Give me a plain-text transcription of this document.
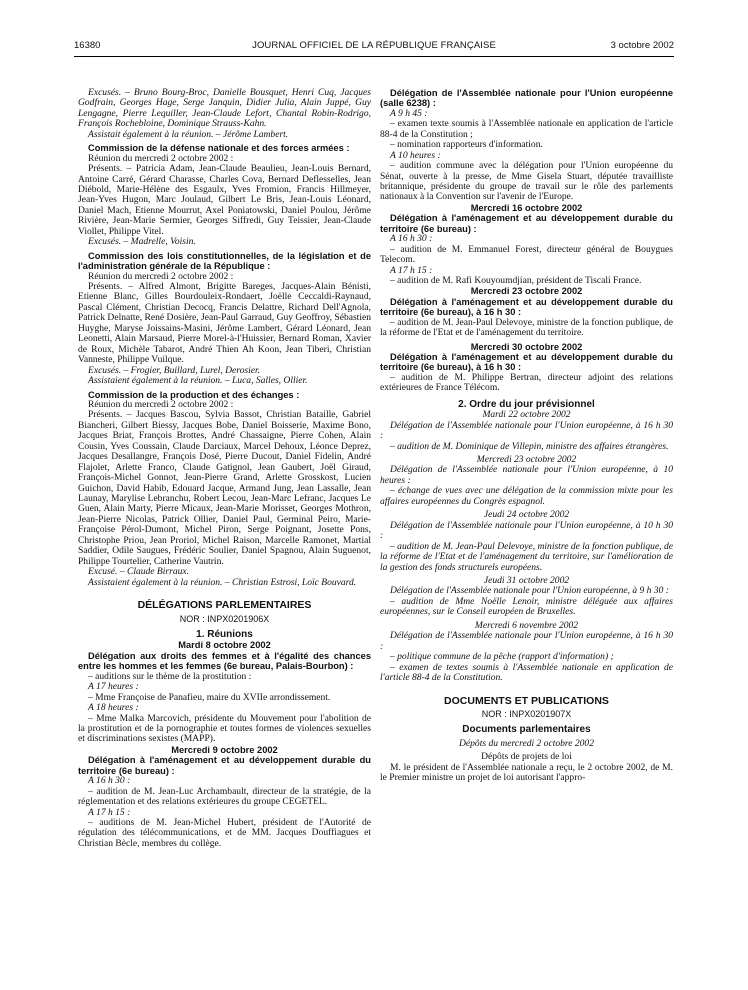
16380	JOURNAL OFFICIEL DE LA RÉPUBLIQUE FRANÇAISE	3 octobre 2002

Excusés. – Bruno Bourg-Broc, Danielle Bousquet, Henri Cuq, Jacques Godfrain, Georges Hage, Serge Janquin, Didier Julia, Alain Juppé, Guy Lengagne, Pierre Lequiller, Jean-Claude Lefort, Chantal Robin-Rodrigo, François Rochebloine, Dominique Strauss-Kahn.

Assistait également à la réunion. – Jérôme Lambert.

Commission de la défense nationale et des forces armées :

Réunion du mercredi 2 octobre 2002 :

Présents. – Patricia Adam, Jean-Claude Beaulieu, Jean-Louis Bernard, Antoine Carré, Gérard Charasse, Charles Cova, Bernard Deflesselles, Jean Diébold, Marie-Hélène des Esgaulx, Yves Fromion, Francis Hillmeyer, Jean-Yves Hugon, Marc Joulaud, Gilbert Le Bris, Jean-Louis Léonard, Daniel Mach, Etienne Mourrut, Axel Poniatowski, Daniel Poulou, Jérôme Rivière, Jean-Marie Sermier, Georges Siffredi, Guy Teissier, Jean-Claude Viollet, Philippe Vitel.

Excusés. – Madrelle, Voisin.

Commission des lois constitutionnelles, de la législation et de l'administration générale de la République :

Réunion du mercredi 2 octobre 2002 :

Présents. – Alfred Almont, Brigitte Bareges, Jacques-Alain Bénisti, Etienne Blanc, Gilles Bourdouleix-Rondaert, Joëlle Ceccaldi-Raynaud, Pascal Clément, Christian Decocq, Francis Delattre, Richard Dell'Agnola, Patrick Delnatte, René Dosière, Jean-Paul Garraud, Guy Geoffroy, Sébastien Huyghe, Maryse Joissains-Masini, Jérôme Lambert, Gérard Léonard, Jean Leonetti, Alain Marsaud, Pierre Morel-à-l'Huissier, Bernard Roman, Xavier de Roux, Michèle Tabarot, André Thien Ah Koon, Jean Tiberi, Christian Vanneste, Philippe Vuilque.

Excusés. – Frogier, Buillard, Lurel, Derosier.

Assistaient également à la réunion. – Luca, Salles, Ollier.

Commission de la production et des échanges :

Réunion du mercredi 2 octobre 2002 :

Présents. – Jacques Bascou, Sylvia Bassot, Christian Bataille, Gabriel Biancheri, Gilbert Biessy, Jacques Bobe, Daniel Boisserie, Maxime Bono, Jacques Briat, François Brottes, André Chassaigne, Pierre Cohen, Alain Cousin, Yves Coussain, Claude Darciaux, Marcel Dehoux, Léonce Deprez, Jacques Desallangre, François Dosé, Pierre Ducout, Daniel Fidelin, André Flajolet, Arlette Franco, Claude Gatignol, Jean Gaubert, Joël Giraud, François-Michel Gonnot, Jean-Pierre Grand, Arlette Grosskost, Lucien Guichon, David Habib, Edouard Jacque, Armand Jung, Jean Lassalle, Jean Launay, Marylise Lebranchu, Robert Lecou, Jean-Marc Lefranc, Jacques Le Guen, Alain Marty, Pierre Micaux, Jean-Marie Morisset, Georges Mothron, Jean-Pierre Nicolas, Patrick Ollier, Daniel Paul, Germinal Peiro, Marie-Françoise Pérol-Dumont, Michel Piron, Serge Poignant, Josette Pons, Christophe Priou, Jean Proriol, Michel Raison, Marcelle Ramonet, Martial Saddier, Odile Saugues, Frédéric Soulier, Daniel Spagnou, Alain Suguenot, Philippe Tourtelier, Catherine Vautrin.

Excusé. – Claude Birraux.

Assistaient également à la réunion. – Christian Estrosi, Loïc Bouvard.

DÉLÉGATIONS PARLEMENTAIRES

NOR : INPX0201906X

1. Réunions

Mardi 8 octobre 2002

Délégation aux droits des femmes et à l'égalité des chances entre les hommes et les femmes (6e bureau, Palais-Bourbon) :

– auditions sur le thème de la prostitution :

A 17 heures :

– Mme Françoise de Panafieu, maire du XVIIe arrondissement.

A 18 heures :

– Mme Malka Marcovich, présidente du Mouvement pour l'abolition de la prostitution et de la pornographie et toutes formes de violences sexuelles et discriminations sexistes (MAPP).

Mercredi 9 octobre 2002

Délégation à l'aménagement et au développement durable du territoire (6e bureau) :

A 16 h 30 :

– audition de M. Jean-Luc Archambault, directeur de la stratégie, de la réglementation et des relations extérieures du groupe CEGETEL.

A 17 h 15 :

– auditions de M. Jean-Michel Hubert, président de l'Autorité de régulation des télécommunications, et de MM. Jacques Douffiagues et Christian Bècle, membres du collège.

Délégation de l'Assemblée nationale pour l'Union européenne (salle 6238) :

A 9 h 45 :

– examen texte soumis à l'Assemblée nationale en application de l'article 88-4 de la Constitution ;

– nomination rapporteurs d'information.

A 10 heures :

– audition commune avec la délégation pour l'Union européenne du Sénat, ouverte à la presse, de Mme Gisela Stuart, députée travailliste britannique, présidente du groupe de travail sur le rôle des parlements nationaux à la Convention sur l'avenir de l'Europe.

Mercredi 16 octobre 2002

Délégation à l'aménagement et au développement durable du territoire (6e bureau) :

A 16 h 30 :

– audition de M. Emmanuel Forest, directeur général de Bouygues Telecom.

A 17 h 15 :

– audition de M. Rafi Kouyoumdjian, président de Tiscali France.

Mercredi 23 octobre 2002

Délégation à l'aménagement et au développement durable du territoire (6e bureau), à 16 h 30 :

– audition de M. Jean-Paul Delevoye, ministre de la fonction publique, de la réforme de l'Etat et de l'aménagement du territoire.

Mercredi 30 octobre 2002

Délégation à l'aménagement et au développement durable du territoire (6e bureau), à 16 h 30 :

– audition de M. Philippe Bertran, directeur adjoint des relations extérieures de France Télécom.

2. Ordre du jour prévisionnel

Mardi 22 octobre 2002

Délégation de l'Assemblée nationale pour l'Union européenne, à 16 h 30 :

– audition de M. Dominique de Villepin, ministre des affaires étrangères.

Mercredi 23 octobre 2002

Délégation de l'Assemblée nationale pour l'Union européenne, à 10 heures :

– échange de vues avec une délégation de la commission mixte pour les affaires européennes du Congrès espagnol.

Jeudi 24 octobre 2002

Délégation de l'Assemblée nationale pour l'Union européenne, à 10 h 30 :

– audition de M. Jean-Paul Delevoye, ministre de la fonction publique, de la réforme de l'Etat et de l'aménagement du territoire, sur l'amélioration de la gestion des fonds structurels européens.

Jeudi 31 octobre 2002

Délégation de l'Assemblée nationale pour l'Union européenne, à 9 h 30 :

– audition de Mme Noëlle Lenoir, ministre déléguée aux affaires européennes, sur le Conseil européen de Bruxelles.

Mercredi 6 novembre 2002

Délégation de l'Assemblée nationale pour l'Union européenne, à 16 h 30 :

– politique commune de la pêche (rapport d'information) ;

– examen de textes soumis à l'Assemblée nationale en application de l'article 88-4 de la Constitution.

DOCUMENTS ET PUBLICATIONS

NOR : INPX0201907X

Documents parlementaires

Dépôts du mercredi 2 octobre 2002

Dépôts de projets de loi

M. le président de l'Assemblée nationale a reçu, le 2 octobre 2002, de M. le Premier ministre un projet de loi autorisant l'appro-
